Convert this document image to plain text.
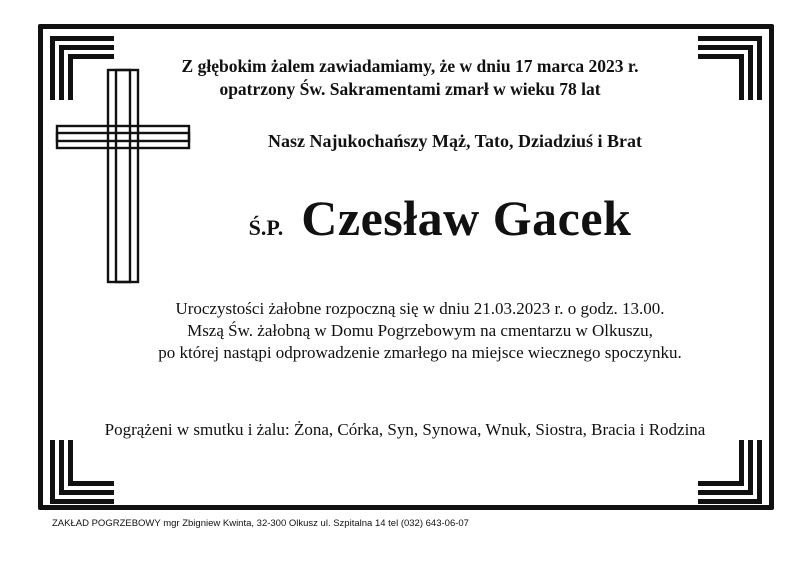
Z głębokim żalem zawiadamiamy, że w dniu 17 marca 2023 r.
opatrzony Św. Sakramentami zmarł w wieku 78 lat
Nasz Najukochańszy Mąż, Tato, Dziadziuś i Brat
Ś.P. Czesław Gacek
Uroczystości żałobne rozpoczną się w dniu 21.03.2023 r. o godz. 13.00.
Mszą Św. żałobną w Domu Pogrzebowym na cmentarzu w Olkuszu,
po której nastąpi odprowadzenie zmarłego na miejsce wiecznego spoczynku.
Pogrążeni w smutku i żalu: Żona, Córka, Syn, Synowa, Wnuk, Siostra, Bracia i Rodzina
ZAKŁAD POGRZEBOWY mgr Zbigniew Kwinta, 32-300 Olkusz ul. Szpitalna 14 tel (032) 643-06-07
